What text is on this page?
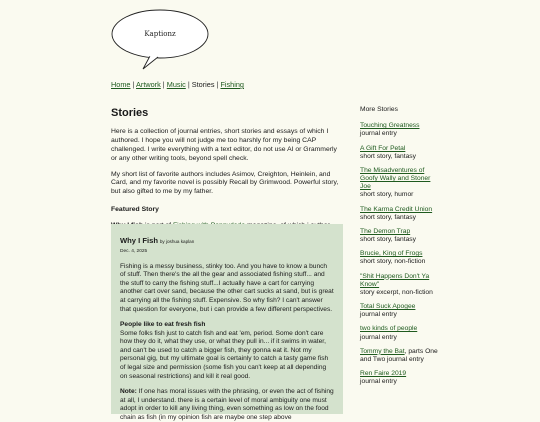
Kaptionz
Home | Artwork | Music | Stories | Fishing
Stories

Here is a collection of journal entries, short stories and essays of which I authored. I hope you will not judge me too harshly for my being CAP challenged. I write everything with a text editor, do not use AI or Grammerly or any other writing tools, beyond spell check.

My short list of favorite authors includes Asimov, Creighton, Heinlein, and Card, and my favorite novel is possibly Recall by Grimwood. Powerful story, but also gifted to me by my father.

Featured Story
Why I Fish by joshua kaplan
Dec. 4, 2025

Fishing is a messy business, stinky too. And you have to know a bunch of stuff. Then there's the all the gear and associated fishing stuff... and the stuff to carry the fishing stuff...I actually have a cart for carrying another cart over sand, because the other cart sucks at sand, but is great at carrying all the fishing stuff. Expensive. So why fish? I can't answer that question for everyone, but i can provide a few different perspectives.

People like to eat fresh fish

Some folks fish just to catch fish and eat 'em, period. Some don't care how they do it, what they use, or what they pull in... if it swims in water, and can't be used to catch a bigger fish, they gonna eat it. Not my personal gig, but my ultimate goal is certainly to catch a tasty game fish of legal size and permission (some fish you can't keep at all depending on seasonal restrictions) and kill it real good.

Note: If one has moral issues with the phrasing, or even the act of fishing at all, I understand. there is a certain level of moral ambiguity one must adopt in order to kill any living thing, even something as low on the food chain as fish (in my opinion fish are maybe one step above

More Stories
Touching Greatness
journal entry
A Gift For Petal
short story, fantasy
The Misadventures of Goofy Wally and Stoner Joe
short story, humor
The Karma Credit Union
short story, fantasy
The Demon Trap
short story, fantasy
Brucie, King of Frogs
short story, non-fiction
"Shit Happens Don't Ya Know"
story excerpt, non-fiction
Total Suck Apogee
journal entry
two kinds of people
journal entry
Tommy the Bat, parts One and Two journal entry
Ren Faire 2019
journal entry
